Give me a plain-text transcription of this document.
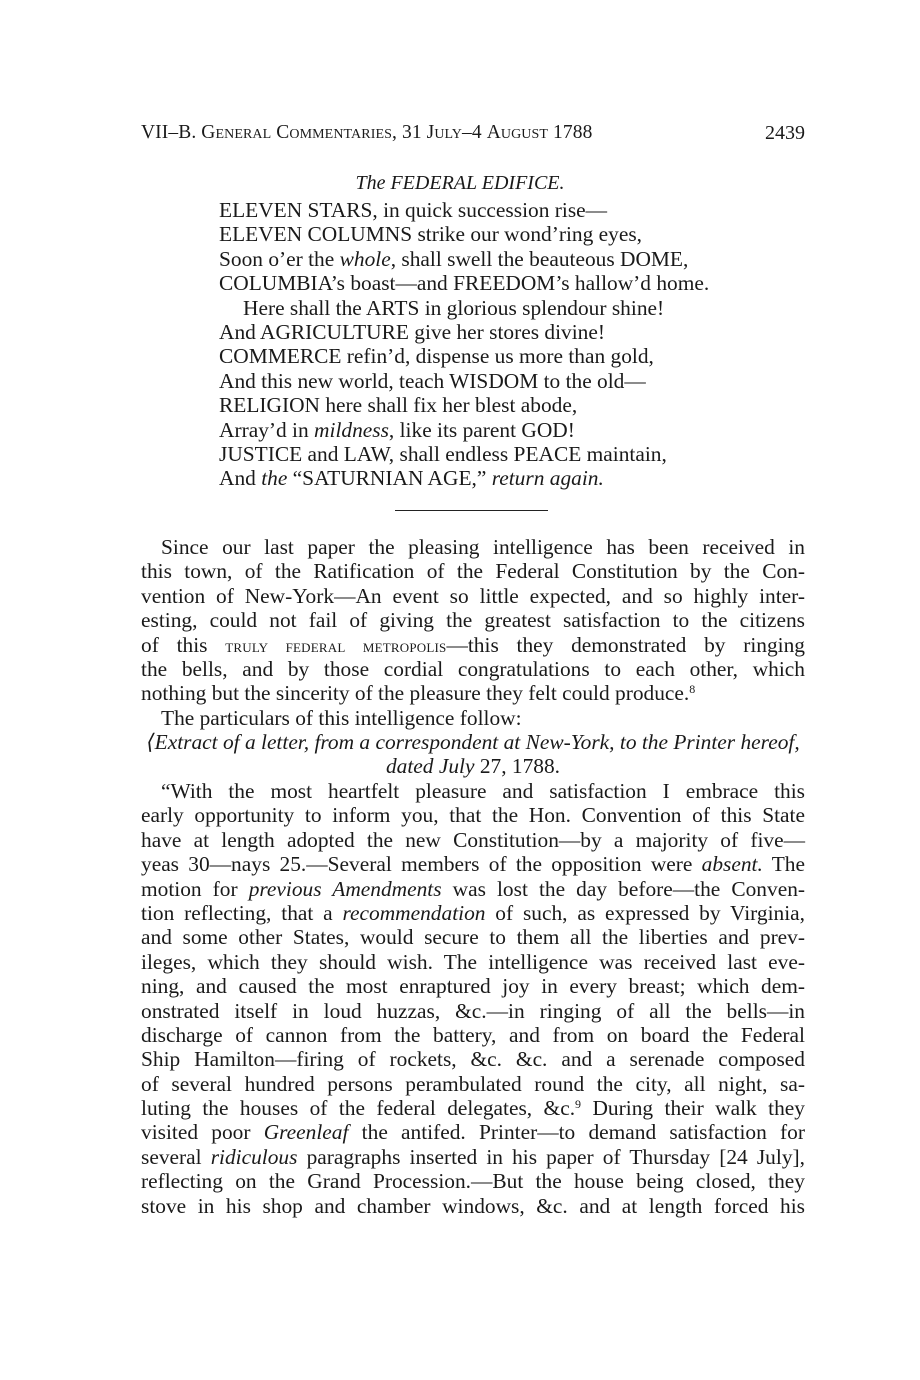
VII–B. General Commentaries, 31 July–4 August 1788	2439
The FEDERAL EDIFICE.
ELEVEN STARS, in quick succession rise—
ELEVEN COLUMNS strike our wond’ring eyes,
Soon o’er the whole, shall swell the beauteous DOME,
COLUMBIA’s boast—and FREEDOM’s hallow’d home.
Here shall the ARTS in glorious splendour shine!
And AGRICULTURE give her stores divine!
COMMERCE refin’d, dispense us more than gold,
And this new world, teach WISDOM to the old—
RELIGION here shall fix her blest abode,
Array’d in mildness, like its parent GOD!
JUSTICE and LAW, shall endless PEACE maintain,
And the “SATURNIAN AGE,” return again.
Since our last paper the pleasing intelligence has been received in
this town, of the Ratification of the Federal Constitution by the Con-
vention of New-York—An event so little expected, and so highly inter-
esting, could not fail of giving the greatest satisfaction to the citizens
of this truly federal metropolis—this they demonstrated by ringing
the bells, and by those cordial congratulations to each other, which
nothing but the sincerity of the pleasure they felt could produce.$^8$
The particulars of this intelligence follow:
⟨Extract of a letter, from a correspondent at New-York, to the Printer hereof,
dated July 27, 1788.
“With the most heartfelt pleasure and satisfaction I embrace this
early opportunity to inform you, that the Hon. Convention of this State
have at length adopted the new Constitution—by a majority of five—
yeas 30—nays 25.—Several members of the opposition were absent. The
motion for previous Amendments was lost the day before—the Conven-
tion reflecting, that a recommendation of such, as expressed by Virginia,
and some other States, would secure to them all the liberties and prev-
ileges, which they should wish. The intelligence was received last eve-
ning, and caused the most enraptured joy in every breast; which dem-
onstrated itself in loud huzzas, &c.—in ringing of all the bells—in
discharge of cannon from the battery, and from on board the Federal
Ship Hamilton—firing of rockets, &c. &c. and a serenade composed
of several hundred persons perambulated round the city, all night, sa-
luting the houses of the federal delegates, &c.$^9$ During their walk they
visited poor Greenleaf the antifed. Printer—to demand satisfaction for
several ridiculous paragraphs inserted in his paper of Thursday [24 July],
reflecting on the Grand Procession.—But the house being closed, they
stove in his shop and chamber windows, &c. and at length forced his
